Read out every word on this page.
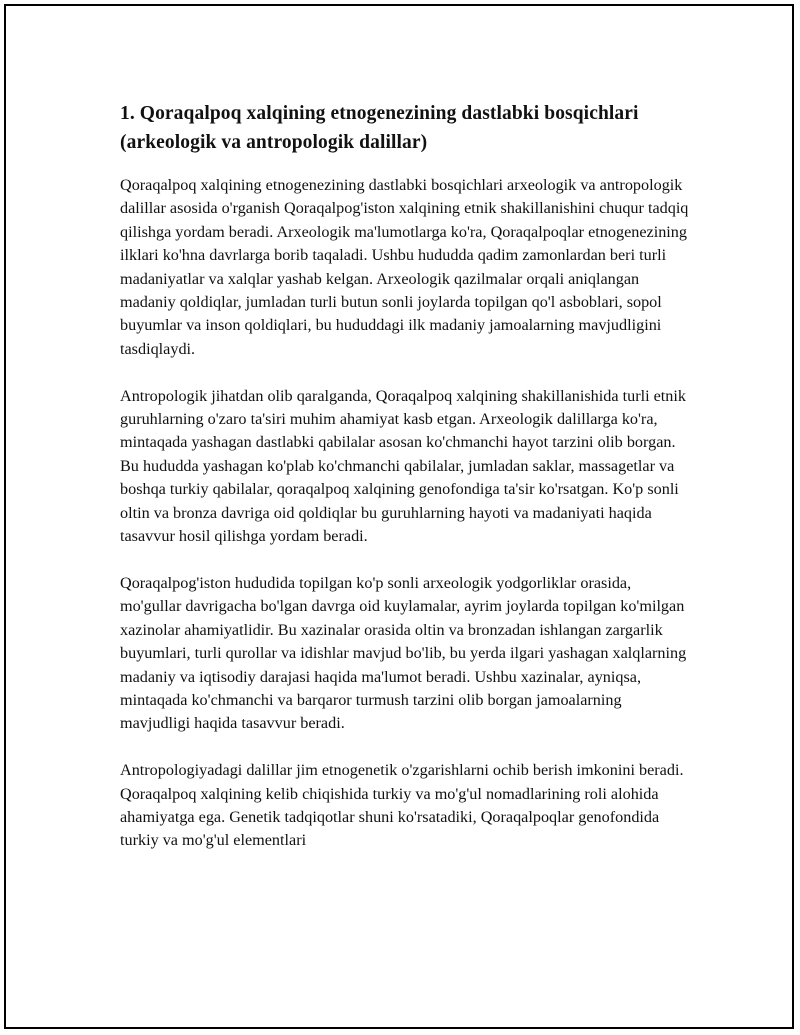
1. Qoraqalpoq xalqining etnogenezining dastlabki bosqichlari (arkeologik va antropologik dalillar)

Qoraqalpoq xalqining etnogenezining dastlabki bosqichlari arxeologik va antropologik dalillar asosida o'rganish Qoraqalpog'iston xalqining etnik shakillanishini chuqur tadqiq qilishga yordam beradi. Arxeologik ma'lumotlarga ko'ra, Qoraqalpoqlar etnogenezining ilklari ko'hna davrlarga borib taqaladi. Ushbu hududda qadim zamonlardan beri turli madaniyatlar va xalqlar yashab kelgan. Arxeologik qazilmalar orqali aniqlangan madaniy qoldiqlar, jumladan turli butun sonli joylarda topilgan qo'l asboblari, sopol buyumlar va inson qoldiqlari, bu hududdagi ilk madaniy jamoalarning mavjudligini tasdiqlaydi.

Antropologik jihatdan olib qaralganda, Qoraqalpoq xalqining shakillanishida turli etnik guruhlarning o'zaro ta'siri muhim ahamiyat kasb etgan. Arxeologik dalillarga ko'ra, mintaqada yashagan dastlabki qabilalar asosan ko'chmanchi hayot tarzini olib borgan. Bu hududda yashagan ko'plab ko'chmanchi qabilalar, jumladan saklar, massagetlar va boshqa turkiy qabilalar, qoraqalpoq xalqining genofondiga ta'sir ko'rsatgan. Ko'p sonli oltin va bronza davriga oid qoldiqlar bu guruhlarning hayoti va madaniyati haqida tasavvur hosil qilishga yordam beradi.

Qoraqalpog'iston hududida topilgan ko'p sonli arxeologik yodgorliklar orasida, mo'gullar davrigacha bo'lgan davrga oid kuylamalar, ayrim joylarda topilgan ko'milgan xazinolar ahamiyatlidir. Bu xazinalar orasida oltin va bronzadan ishlangan zargarlik buyumlari, turli qurollar va idishlar mavjud bo'lib, bu yerda ilgari yashagan xalqlarning madaniy va iqtisodiy darajasi haqida ma'lumot beradi. Ushbu xazinalar, ayniqsa, mintaqada ko'chmanchi va barqaror turmush tarzini olib borgan jamoalarning mavjudligi haqida tasavvur beradi.

Antropologiyadagi dalillar jim etnogenetik o'zgarishlarni ochib berish imkonini beradi. Qoraqalpoq xalqining kelib chiqishida turkiy va mo'g'ul nomadlarining roli alohida ahamiyatga ega. Genetik tadqiqotlar shuni ko'rsatadiki, Qoraqalpoqlar genofondida turkiy va mo'g'ul elementlari
